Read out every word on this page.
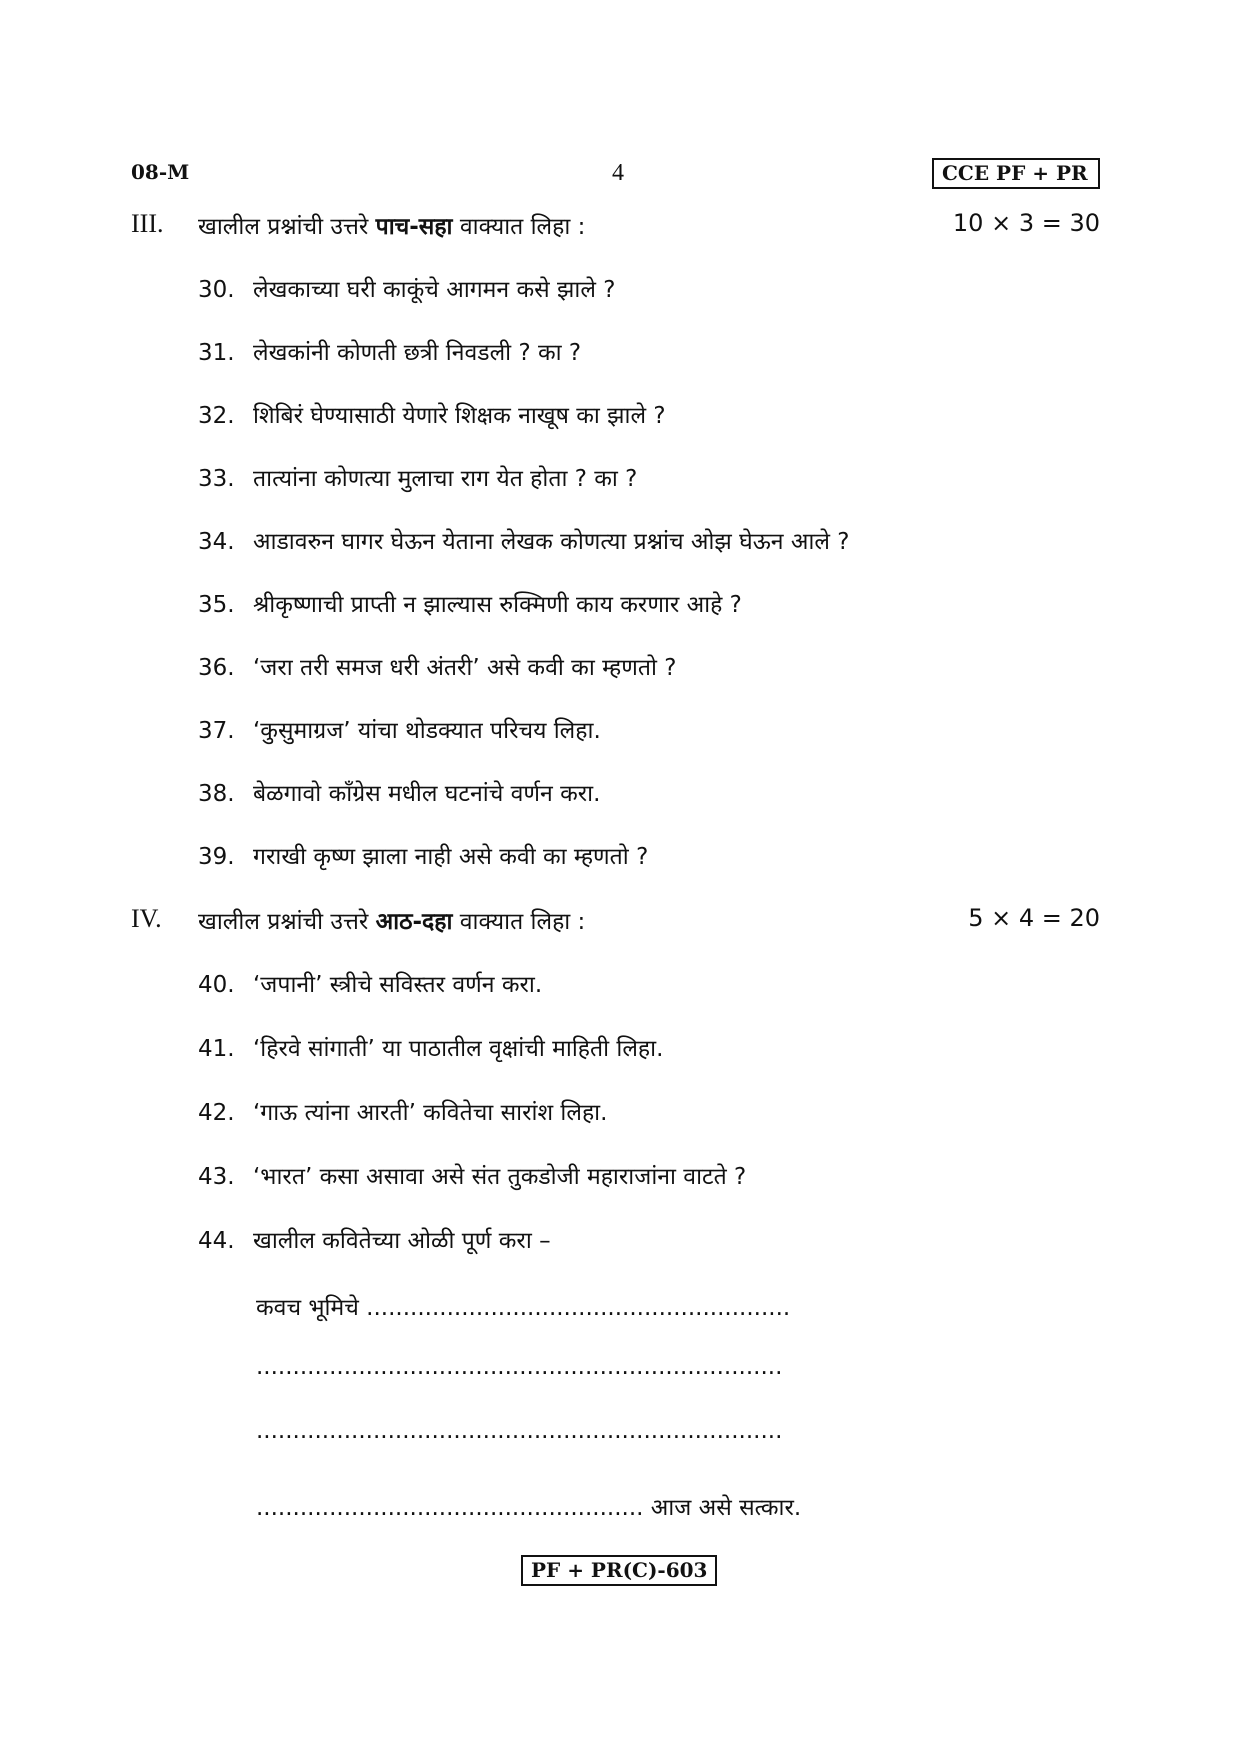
08-M	4	CCE PF + PR
III. खालील प्रश्नांची उत्तरे पाच-सहा वाक्यात लिहा :	10 × 3 = 30
30. लेखकाच्या घरी काकूंचे आगमन कसे झाले ?
31. लेखकांनी कोणती छत्री निवडली ? का ?
32. शिबिरं घेण्यासाठी येणारे शिक्षक नाखूष का झाले ?
33. तात्यांना कोणत्या मुलाचा राग येत होता ? का ?
34. आडावरुन घागर घेऊन येताना लेखक कोणत्या प्रश्नांच ओझ घेऊन आले ?
35. श्रीकृष्णाची प्राप्ती न झाल्यास रुक्मिणी काय करणार आहे ?
36. ‘जरा तरी समज धरी अंतरी’ असे कवी का म्हणतो ?
37. ‘कुसुमाग्रज’ यांचा थोडक्यात परिचय लिहा.
38. बेळगावो काँग्रेस मधील घटनांचे वर्णन करा.
39. गराखी कृष्ण झाला नाही असे कवी का म्हणतो ?
IV. खालील प्रश्नांची उत्तरे आठ-दहा वाक्यात लिहा :	5 × 4 = 20
40. ‘जपानी’ स्त्रीचे सविस्तर वर्णन करा.
41. ‘हिरवे सांगाती’ या पाठातील वृक्षांची माहिती लिहा.
42. ‘गाऊ त्यांना आरती’ कवितेचा सारांश लिहा.
43. ‘भारत’ कसा असावा असे संत तुकडोजी महाराजांना वाटते ?
44. खालील कवितेच्या ओळी पूर्ण करा –
कवच भूमिचे ..........................................................
........................................................................
........................................................................
..................................................... आज असे सत्कार.
PF + PR(C)-603
